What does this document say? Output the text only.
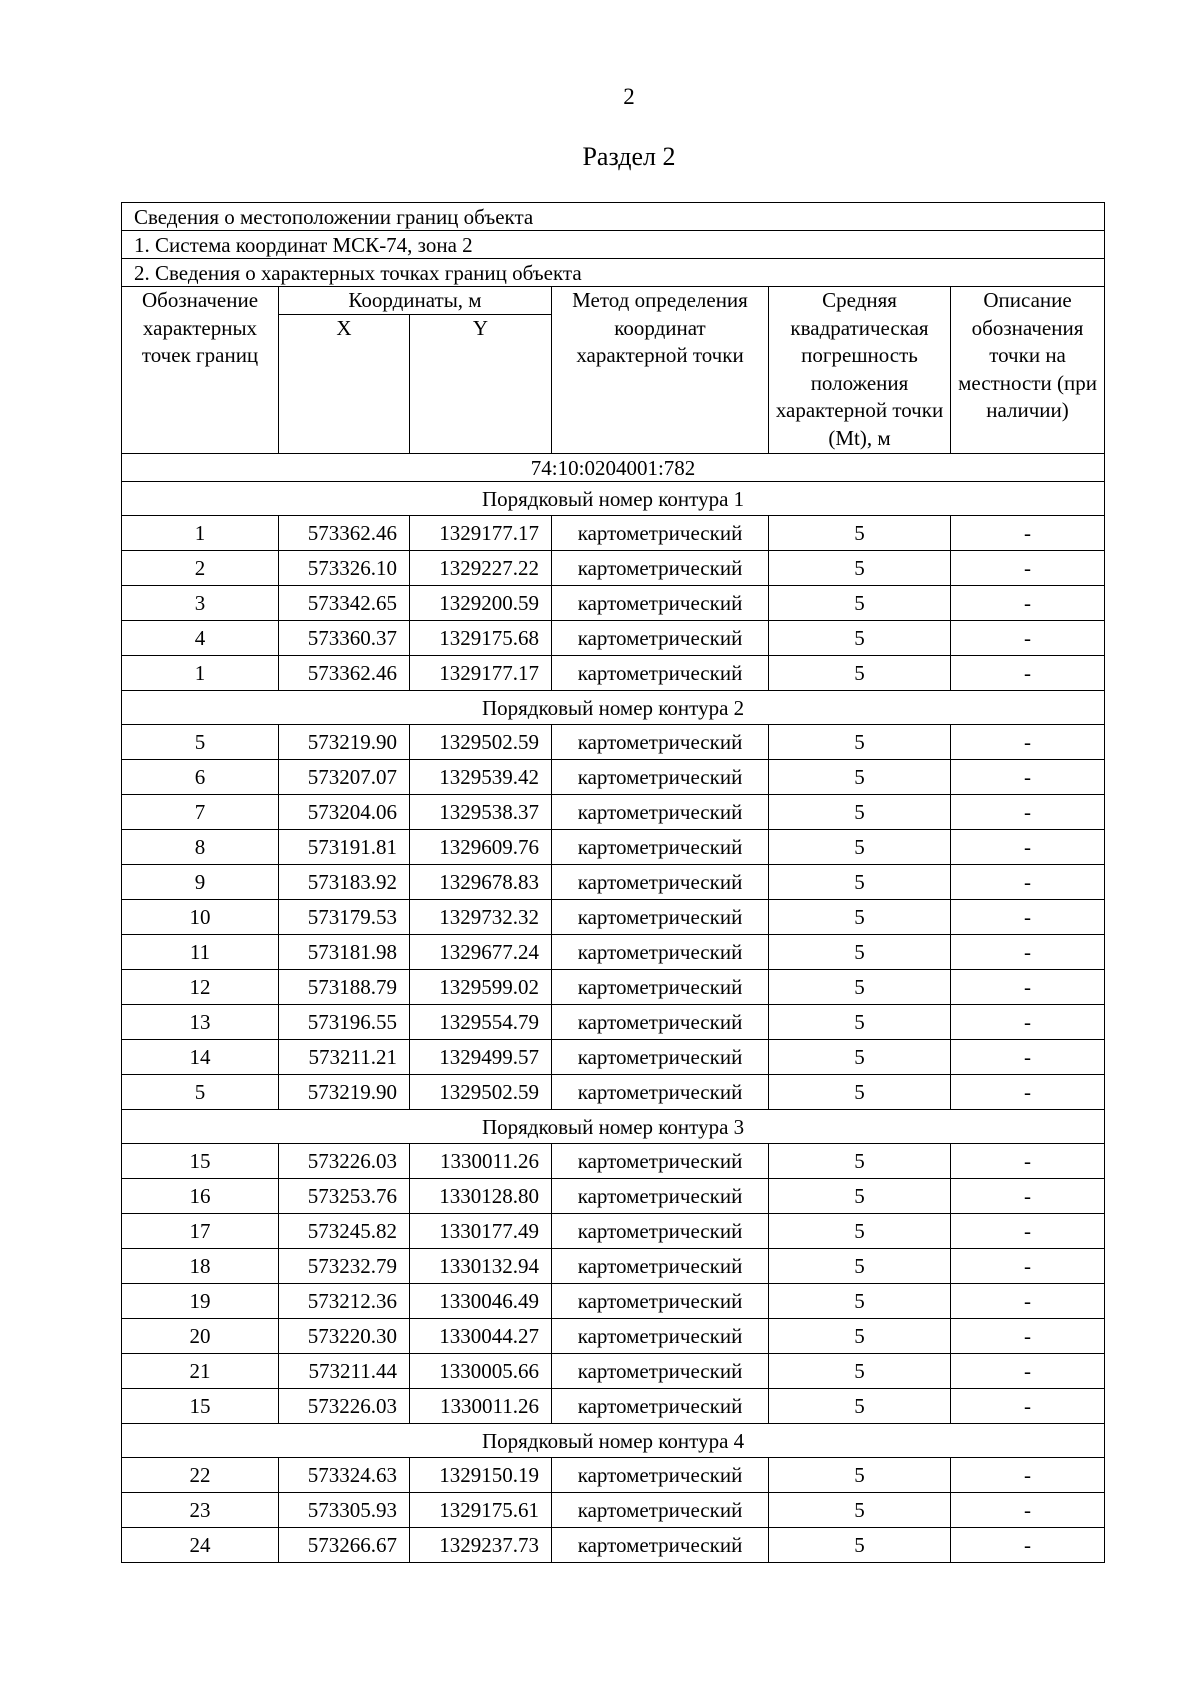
2
Раздел 2
Сведения о местоположении границ объекта					
1. Система координат МСК-74, зона 2					
2. Сведения о характерных точках границ объекта					
Обозначение характерных точек границ	Координаты, м		Метод определения координат характерной точки	Средняя квадратическая погрешность положения характерной точки (Mt), м	Описание обозначения точки на местности (при наличии)
	X	Y			
74:10:0204001:782					
Порядковый номер контура 1					
1	573362.46	1329177.17	картометрический	5	-
2	573326.10	1329227.22	картометрический	5	-
3	573342.65	1329200.59	картометрический	5	-
4	573360.37	1329175.68	картометрический	5	-
1	573362.46	1329177.17	картометрический	5	-
Порядковый номер контура 2					
5	573219.90	1329502.59	картометрический	5	-
6	573207.07	1329539.42	картометрический	5	-
7	573204.06	1329538.37	картометрический	5	-
8	573191.81	1329609.76	картометрический	5	-
9	573183.92	1329678.83	картометрический	5	-
10	573179.53	1329732.32	картометрический	5	-
11	573181.98	1329677.24	картометрический	5	-
12	573188.79	1329599.02	картометрический	5	-
13	573196.55	1329554.79	картометрический	5	-
14	573211.21	1329499.57	картометрический	5	-
5	573219.90	1329502.59	картометрический	5	-
Порядковый номер контура 3					
15	573226.03	1330011.26	картометрический	5	-
16	573253.76	1330128.80	картометрический	5	-
17	573245.82	1330177.49	картометрический	5	-
18	573232.79	1330132.94	картометрический	5	-
19	573212.36	1330046.49	картометрический	5	-
20	573220.30	1330044.27	картометрический	5	-
21	573211.44	1330005.66	картометрический	5	-
15	573226.03	1330011.26	картометрический	5	-
Порядковый номер контура 4					
22	573324.63	1329150.19	картометрический	5	-
23	573305.93	1329175.61	картометрический	5	-
24	573266.67	1329237.73	картометрический	5	-
